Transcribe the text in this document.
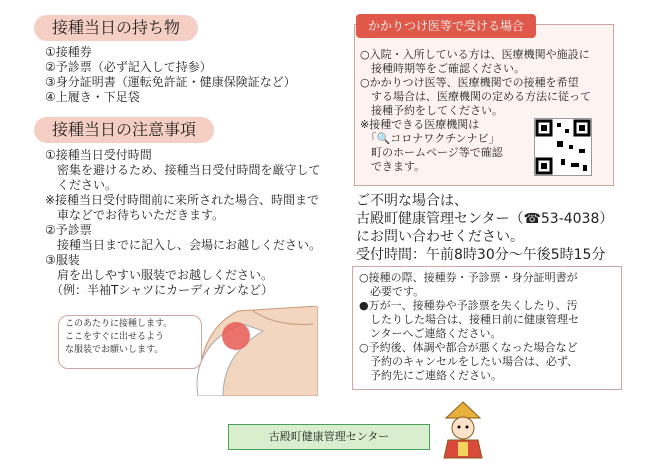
接種当日の持ち物
①接種券
②予診票（必ず記入して持参）
③身分証明書（運転免許証・健康保険証など）
④上履き・下足袋
接種当日の注意事項
①接種当日受付時間
　密集を避けるため、接種当日受付時間を厳守して
　ください。
※接種当日受付時間前に来所された場合、時間まで
　車などでお待ちいただきます。
②予診票
　接種当日までに記入し、会場にお越しください。
③服装
　肩を出しやすい服装でお越しください。
　（例：半袖Tシャツにカーディガンなど）
このあたりに接種します。
ここをすぐに出せるよう
な服装でお願いします。
かかりつけ医等で受ける場合
○入院・入所している方は、医療機関や施設に
　接種時期等をご確認ください。
○かかりつけ医等、医療機関での接種を希望
　する場合は、医療機関の定める方法に従って
　接種予約をしてください。
※接種できる医療機関は
　「🔍コロナワクチンナビ」
　町のホームページ等で確認
　できます。
ご不明な場合は、
古殿町健康管理センター（☎53-4038）
にお問い合わせください。
受付時間：午前8時30分～午後5時15分
○接種の際、接種券・予診票・身分証明書が
　必要です。
●万が一、接種券や予診票を失くしたり、汚
　したりした場合は、接種日前に健康管理セ
　ンターへご連絡ください。
○予約後、体調や都合が悪くなった場合など
　予約のキャンセルをしたい場合は、必ず、
　予約先にご連絡ください。
古殿町健康管理センター
